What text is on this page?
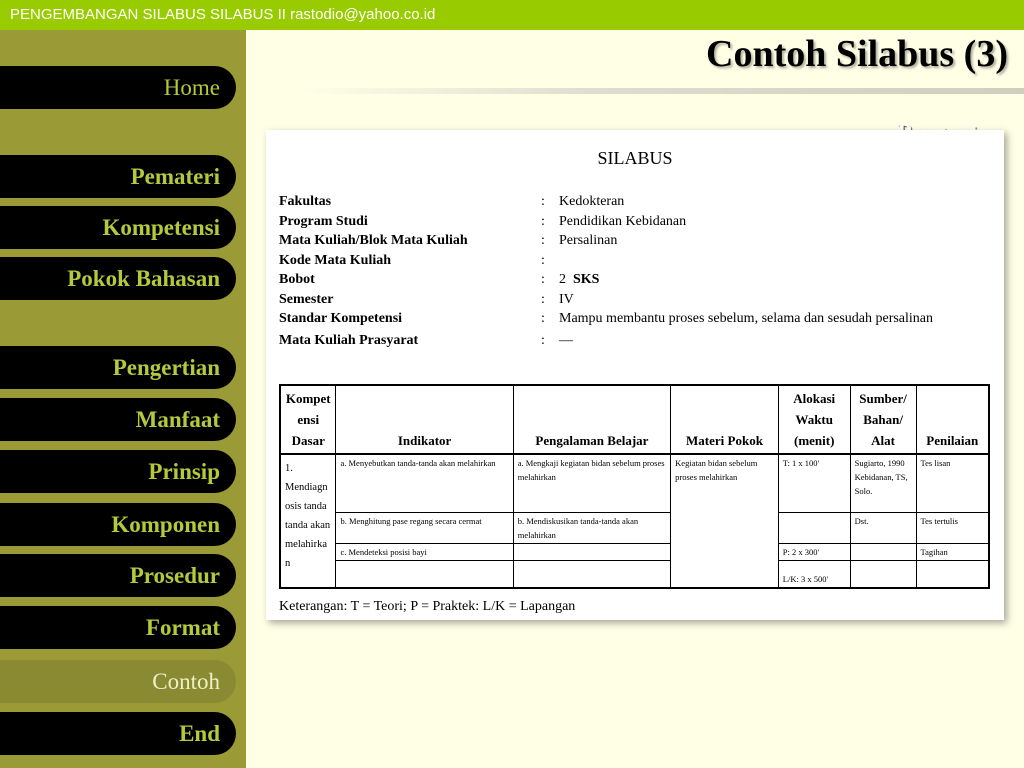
PENGEMBANGAN SILABUS SILABUS II rastodio@yahoo.co.id
Home
Pemateri
Kompetensi
Pokok Bahasan
Pengertian
Manfaat
Prinsip
Komponen
Prosedur
Format
Contoh
End
Contoh Silabus (3)
SILABUS
Fakultas	:	Kedokteran
Program Studi	:	Pendidikan Kebidanan
Mata Kuliah/Blok Mata Kuliah	:	Persalinan
Kode Mata Kuliah	:
Bobot	:	2 SKS
Semester	:	IV
Standar Kompetensi	:	Mampu membantu proses sebelum, selama dan sesudah persalinan
Mata Kuliah Prasyarat	:	—
Kompet ensi Dasar	Indikator	Pengalaman Belajar	Materi Pokok	Alokasi Waktu (menit)	Sumber/ Bahan/ Alat	Penilaian
1. Mendiagn osis tanda tanda akan melahirka n	a. Menyebutkan tanda-tanda akan melahirkan	a. Mengkaji kegiatan bidan sebelum proses melahirkan	Kegiatan bidan sebelum proses melahirkan	T: 1 x 100'	Sugiarto, 1990 Kebidanan, TS, Solo.	Tes lisan
	b. Menghitung pase regang secara cermat	b. Mendiskusikan tanda-tanda akan melahirkan			Dst.	Tes tertulis
	c. Mendeteksi posisi bayi			P: 2 x 300'		Tagihan
				L/K: 3 x 500'		
Keterangan: T = Teori; P = Praktek: L/K = Lapangan
